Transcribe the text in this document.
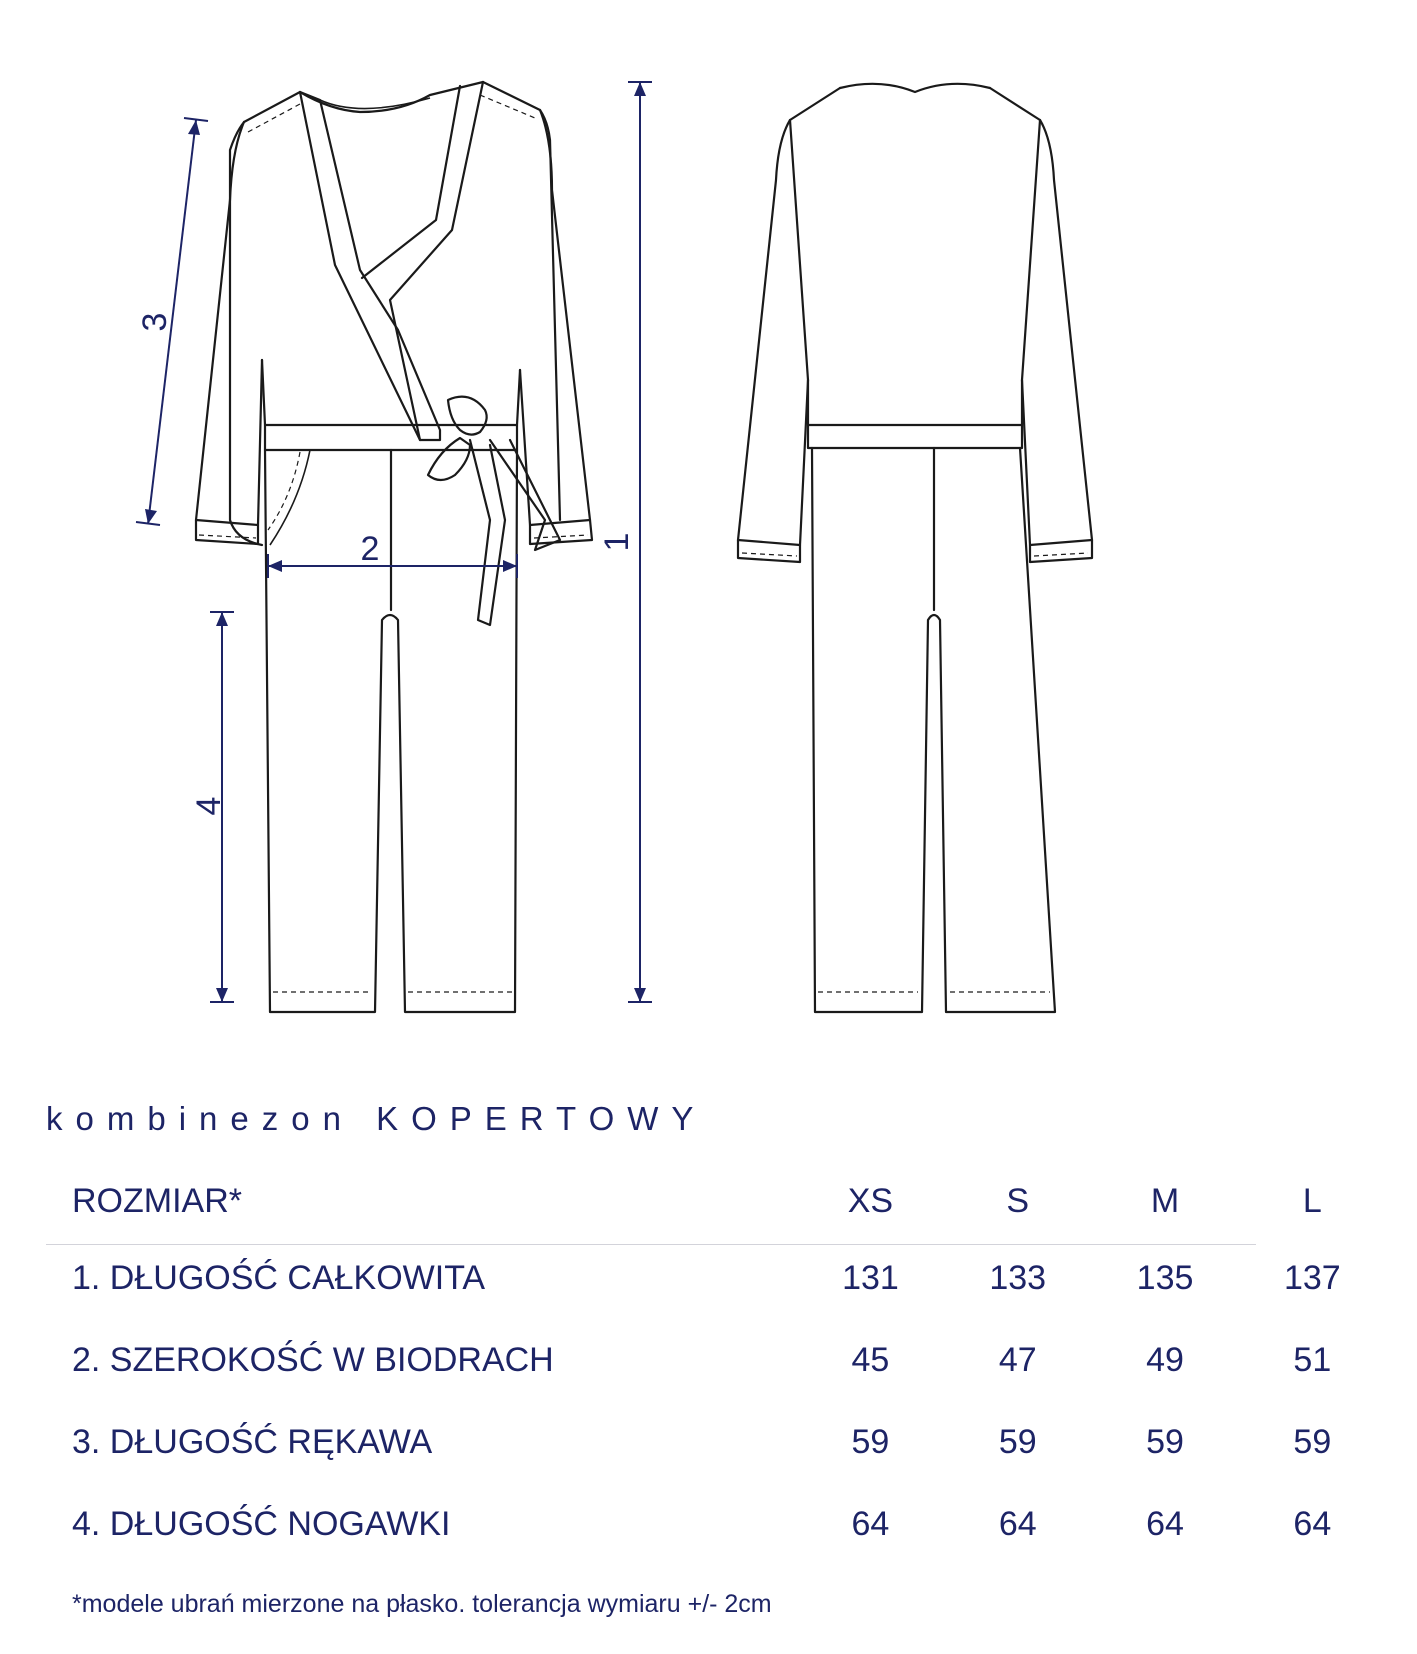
1
2
3
4
kombinezon KOPERTOWY
ROZMIAR*	XS	S	M	L
1. DŁUGOŚĆ CAŁKOWITA	131	133	135	137
2. SZEROKOŚĆ W BIODRACH	45	47	49	51
3. DŁUGOŚĆ RĘKAWA	59	59	59	59
4. DŁUGOŚĆ NOGAWKI	64	64	64	64

*modele ubrań mierzone na płasko. tolerancja wymiaru +/- 2cm
